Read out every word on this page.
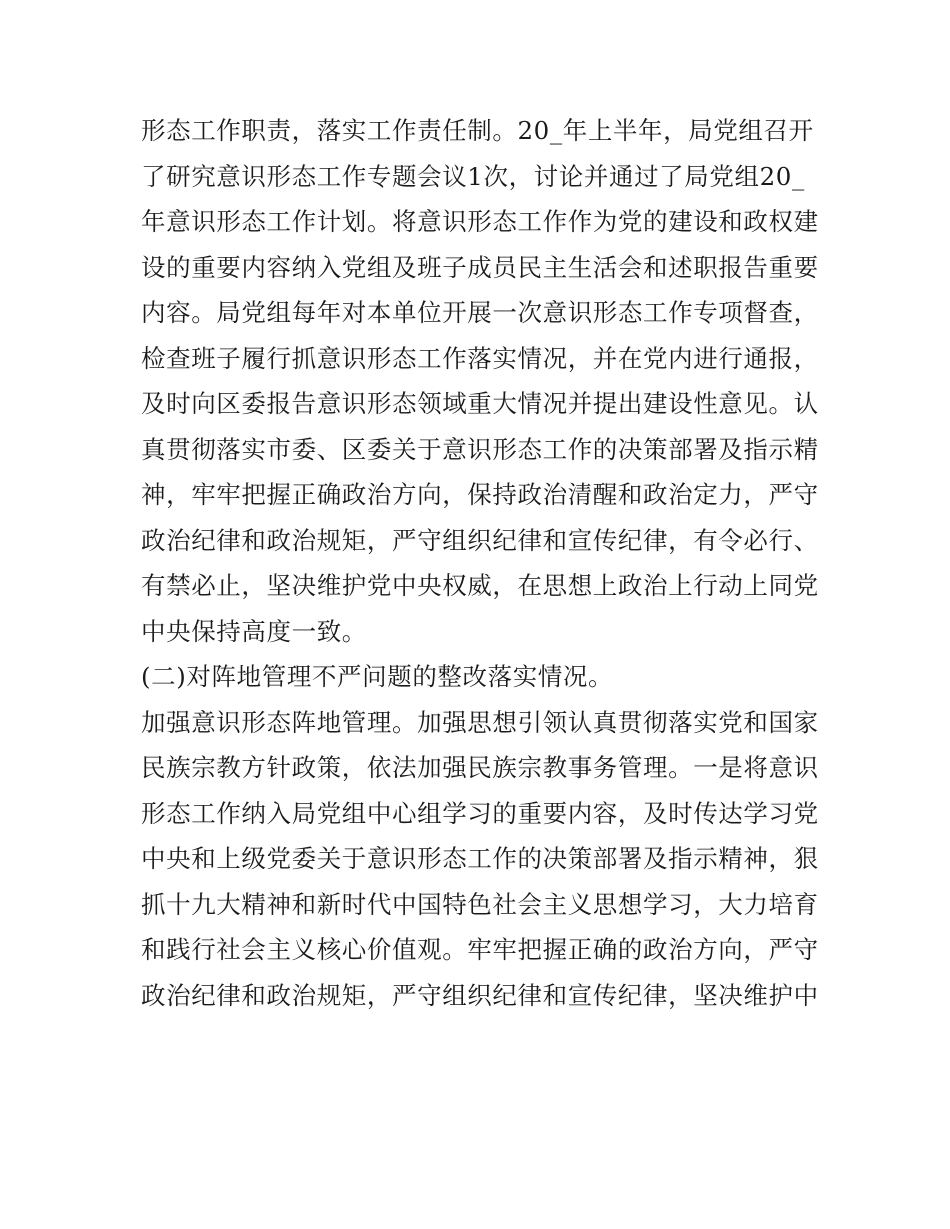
形态工作职责，落实工作责任制。20_年上半年，局党组召开
了研究意识形态工作专题会议1次，讨论并通过了局党组20_
年意识形态工作计划。将意识形态工作作为党的建设和政权建
设的重要内容纳入党组及班子成员民主生活会和述职报告重要
内容。局党组每年对本单位开展一次意识形态工作专项督查，
检查班子履行抓意识形态工作落实情况，并在党内进行通报，
及时向区委报告意识形态领域重大情况并提出建设性意见。认
真贯彻落实市委、区委关于意识形态工作的决策部署及指示精
神，牢牢把握正确政治方向，保持政治清醒和政治定力，严守
政治纪律和政治规矩，严守组织纪律和宣传纪律，有令必行、
有禁必止，坚决维护党中央权威，在思想上政治上行动上同党
中央保持高度一致。
(二)对阵地管理不严问题的整改落实情况。
加强意识形态阵地管理。加强思想引领认真贯彻落实党和国家
民族宗教方针政策，依法加强民族宗教事务管理。一是将意识
形态工作纳入局党组中心组学习的重要内容，及时传达学习党
中央和上级党委关于意识形态工作的决策部署及指示精神，狠
抓十九大精神和新时代中国特色社会主义思想学习，大力培育
和践行社会主义核心价值观。牢牢把握正确的政治方向，严守
政治纪律和政治规矩，严守组织纪律和宣传纪律，坚决维护中
